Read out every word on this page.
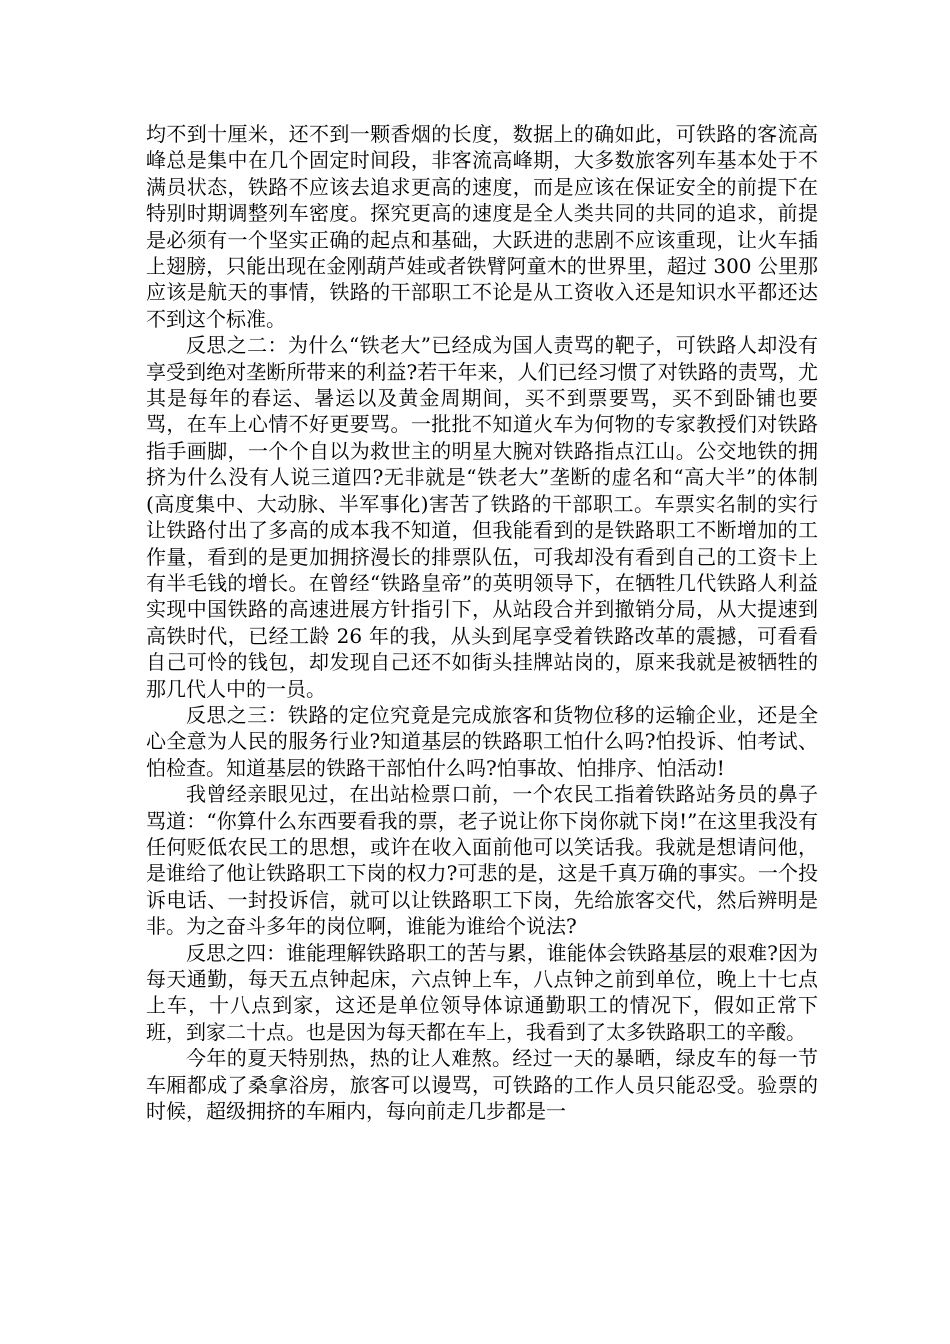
均不到十厘米，还不到一颗香烟的长度，数据上的确如此，可铁路的客流高峰总是集中在几个固定时间段，非客流高峰期，大多数旅客列车基本处于不满员状态，铁路不应该去追求更高的速度，而是应该在保证安全的前提下在特别时期调整列车密度。探究更高的速度是全人类共同的共同的追求，前提是必须有一个坚实正确的起点和基础，大跃进的悲剧不应该重现，让火车插上翅膀，只能出现在金刚葫芦娃或者铁臂阿童木的世界里，超过 300 公里那应该是航天的事情，铁路的干部职工不论是从工资收入还是知识水平都还达不到这个标准。

反思之二：为什么“铁老大”已经成为国人责骂的靶子，可铁路人却没有享受到绝对垄断所带来的利益?若干年来，人们已经习惯了对铁路的责骂，尤其是每年的春运、暑运以及黄金周期间，买不到票要骂，买不到卧铺也要骂，在车上心情不好更要骂。一批批不知道火车为何物的专家教授们对铁路指手画脚，一个个自以为救世主的明星大腕对铁路指点江山。公交地铁的拥挤为什么没有人说三道四?无非就是“铁老大”垄断的虚名和“高大半”的体制(高度集中、大动脉、半军事化)害苦了铁路的干部职工。车票实名制的实行让铁路付出了多高的成本我不知道，但我能看到的是铁路职工不断增加的工作量，看到的是更加拥挤漫长的排票队伍，可我却没有看到自己的工资卡上有半毛钱的增长。在曾经“铁路皇帝”的英明领导下，在牺牲几代铁路人利益实现中国铁路的高速进展方针指引下，从站段合并到撤销分局，从大提速到高铁时代，已经工龄 26 年的我，从头到尾享受着铁路改革的震撼，可看看自己可怜的钱包，却发现自己还不如街头挂牌站岗的，原来我就是被牺牲的那几代人中的一员。

反思之三：铁路的定位究竟是完成旅客和货物位移的运输企业，还是全心全意为人民的服务行业?知道基层的铁路职工怕什么吗?怕投诉、怕考试、怕检查。知道基层的铁路干部怕什么吗?怕事故、怕排序、怕活动!

我曾经亲眼见过，在出站检票口前，一个农民工指着铁路站务员的鼻子骂道：“你算什么东西要看我的票，老子说让你下岗你就下岗!”在这里我没有任何贬低农民工的思想，或许在收入面前他可以笑话我。我就是想请问他，是谁给了他让铁路职工下岗的权力?可悲的是，这是千真万确的事实。一个投诉电话、一封投诉信，就可以让铁路职工下岗，先给旅客交代，然后辨明是非。为之奋斗多年的岗位啊，谁能为谁给个说法?

反思之四：谁能理解铁路职工的苦与累，谁能体会铁路基层的艰难?因为每天通勤，每天五点钟起床，六点钟上车，八点钟之前到单位，晚上十七点上车，十八点到家，这还是单位领导体谅通勤职工的情况下，假如正常下班，到家二十点。也是因为每天都在车上，我看到了太多铁路职工的辛酸。

今年的夏天特别热，热的让人难熬。经过一天的暴晒，绿皮车的每一节车厢都成了桑拿浴房，旅客可以谩骂，可铁路的工作人员只能忍受。验票的时候，超级拥挤的车厢内，每向前走几步都是一
